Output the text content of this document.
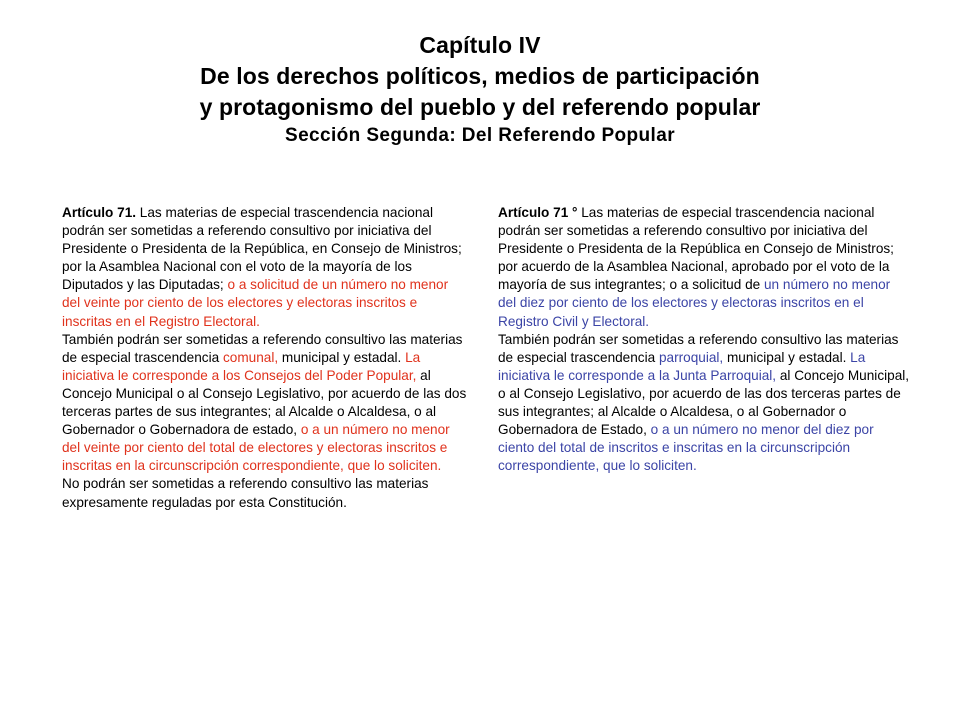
Capítulo IV
De los derechos políticos, medios de participación
y protagonismo del pueblo y del referendo popular
Sección Segunda: Del Referendo Popular

Artículo 71. Las materias de especial trascendencia nacional podrán ser sometidas a referendo consultivo por iniciativa del Presidente o Presidenta de la República, en Consejo de Ministros; por la Asamblea Nacional con el voto de la mayoría de los Diputados y las Diputadas; o a solicitud de un número no menor del veinte por ciento de los electores y electoras inscritos e inscritas en el Registro Electoral.

También podrán ser sometidas a referendo consultivo las materias de especial trascendencia comunal, municipal y estadal. La iniciativa le corresponde a los Consejos del Poder Popular, al Concejo Municipal o al Consejo Legislativo, por acuerdo de las dos terceras partes de sus integrantes; al Alcalde o Alcaldesa, o al Gobernador o Gobernadora de estado, o a un número no menor del veinte por ciento del total de electores y electoras inscritos e inscritas en la circunscripción correspondiente, que lo soliciten.

No podrán ser sometidas a referendo consultivo las materias expresamente reguladas por esta Constitución.

Artículo 71 ° Las materias de especial trascendencia nacional podrán ser sometidas a referendo consultivo por iniciativa del Presidente o Presidenta de la República en Consejo de Ministros; por acuerdo de la Asamblea Nacional, aprobado por el voto de la mayoría de sus integrantes; o a solicitud de un número no menor del diez por ciento de los electores y electoras inscritos en el Registro Civil y Electoral.

También podrán ser sometidas a referendo consultivo las materias de especial trascendencia parroquial, municipal y estadal. La iniciativa le corresponde a la Junta Parroquial, al Concejo Municipal, o al Consejo Legislativo, por acuerdo de las dos terceras partes de sus integrantes; al Alcalde o Alcaldesa, o al Gobernador o Gobernadora de Estado, o a un número no menor del diez por ciento del total de inscritos e inscritas en la circunscripción correspondiente, que lo soliciten.
